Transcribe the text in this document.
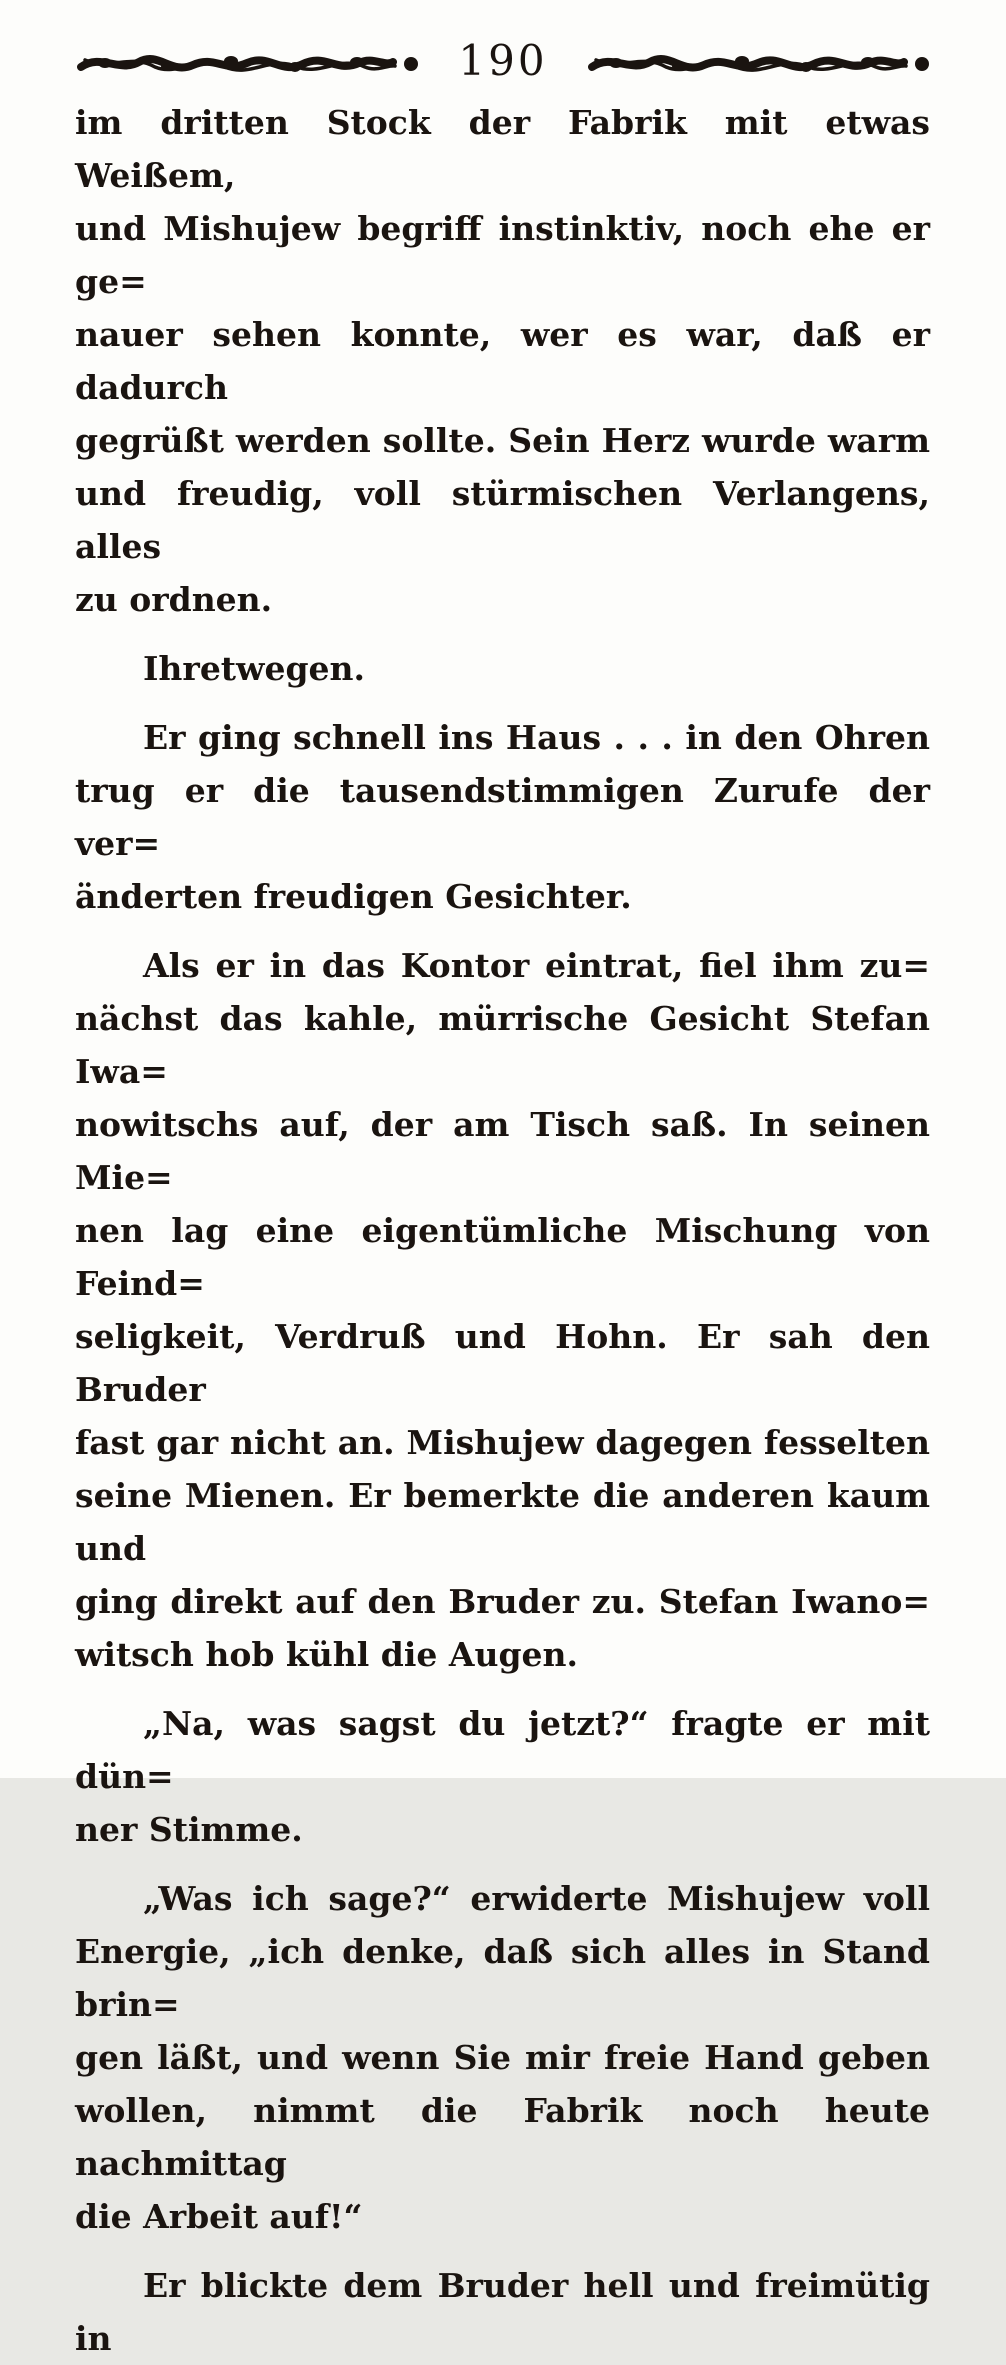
190
im dritten Stock der Fabrik mit etwas Weißem,
und Mishujew begriff instinktiv, noch ehe er ge=
nauer sehen konnte, wer es war, daß er dadurch
gegrüßt werden sollte. Sein Herz wurde warm
und freudig, voll stürmischen Verlangens, alles
zu ordnen.
Ihretwegen.
Er ging schnell ins Haus . . . in den Ohren
trug er die tausendstimmigen Zurufe der ver=
änderten freudigen Gesichter.
Als er in das Kontor eintrat, fiel ihm zu=
nächst das kahle, mürrische Gesicht Stefan Iwa=
nowitschs auf, der am Tisch saß. In seinen Mie=
nen lag eine eigentümliche Mischung von Feind=
seligkeit, Verdruß und Hohn. Er sah den Bruder
fast gar nicht an. Mishujew dagegen fesselten
seine Mienen. Er bemerkte die anderen kaum und
ging direkt auf den Bruder zu. Stefan Iwano=
witsch hob kühl die Augen.
„Na, was sagst du jetzt?“ fragte er mit dün=
ner Stimme.
„Was ich sage?“ erwiderte Mishujew voll
Energie, „ich denke, daß sich alles in Stand brin=
gen läßt, und wenn Sie mir freie Hand geben
wollen, nimmt die Fabrik noch heute nachmittag
die Arbeit auf!“
Er blickte dem Bruder hell und freimütig in
